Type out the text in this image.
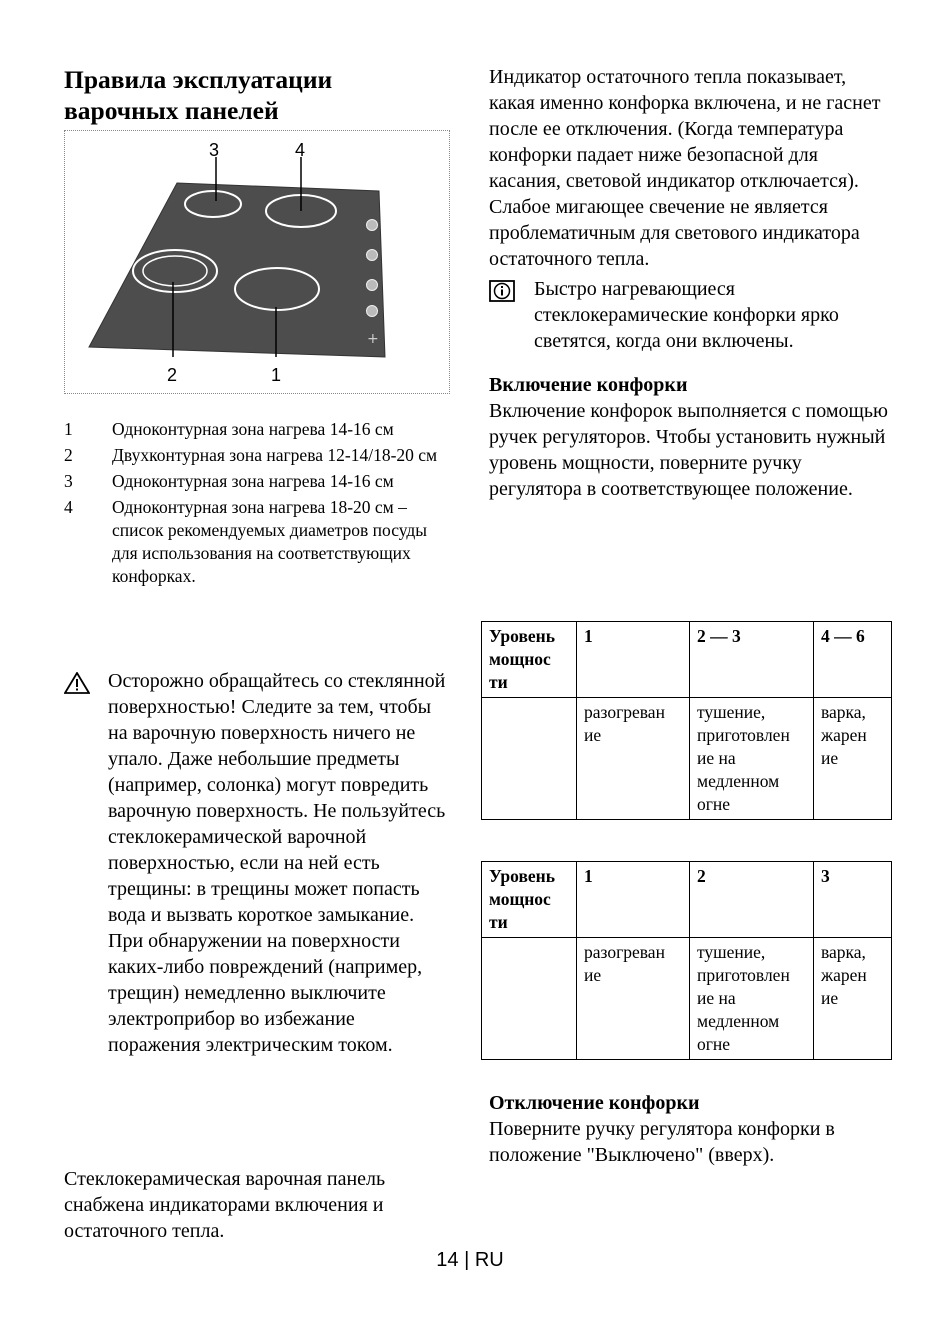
Правила эксплуатации варочных панелей
+
3	4
2	1
1	Одноконтурная зона нагрева 14-16 см
2	Двухконтурная зона нагрева 12-14/18-20 см
3	Одноконтурная зона нагрева 14-16 см
4	Одноконтурная зона нагрева 18-20 см – список рекомендуемых диаметров посуды для использования на соответствующих конфорках.

Осторожно обращайтесь со стеклянной поверхностью! Следите за тем, чтобы на варочную поверхность ничего не упало. Даже небольшие предметы (например, солонка) могут повредить варочную поверхность. Не пользуйтесь стеклокерамической варочной поверхностью, если на ней есть трещины: в трещины может попасть вода и вызвать короткое замыкание.

При обнаружении на поверхности каких-либо повреждений (например, трещин) немедленно выключите электроприбор во избежание поражения электрическим током.

Стеклокерамическая варочная панель снабжена индикаторами включения и остаточного тепла.

Индикатор остаточного тепла показывает, какая именно конфорка включена, и не гаснет после ее отключения. (Когда температура конфорки падает ниже безопасной для касания, световой индикатор отключается). Слабое мигающее свечение не является проблематичным для светового индикатора остаточного тепла.

Быстро нагревающиеся стеклокерамические конфорки ярко светятся, когда они включены.

Включение конфорки

Включение конфорок выполняется с помощью ручек регуляторов. Чтобы установить нужный уровень мощности, поверните ручку регулятора в соответствующее положение.

Уровень мощнос ти	1	2 — 3	4 — 6
	разогреван ие	тушение, приготовлен ие на медленном огне	варка, жарен ие
Уровень мощнос ти	1	2	3
	разогреван ие	тушение, приготовлен ие на медленном огне	варка, жарен ие
Отключение конфорки

Поверните ручку регулятора конфорки в положение "Выключено" (вверх).

14 | RU
